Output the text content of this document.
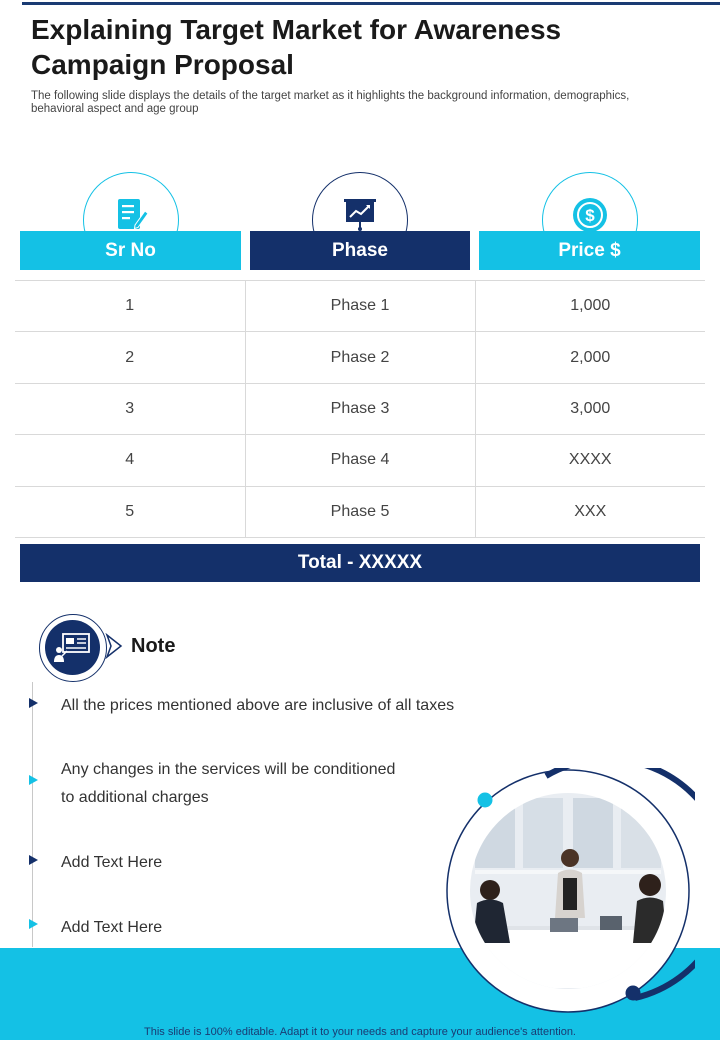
Explaining Target Market for Awareness Campaign Proposal

The following slide displays the details of the target market as it highlights the background information, demographics, behavioral aspect and age group

$
Sr No	Phase	Price $
1	Phase 1	1,000
2	Phase 2	2,000
3	Phase 3	3,000
4	Phase 4	XXXX
5	Phase 5	XXX
Total - XXXXX
Note
All the prices mentioned above are inclusive of all taxes
Any changes in the services will be conditioned
to additional charges
Add Text Here
Add Text Here
This slide is 100% editable. Adapt it to your needs and capture your audience's attention.
